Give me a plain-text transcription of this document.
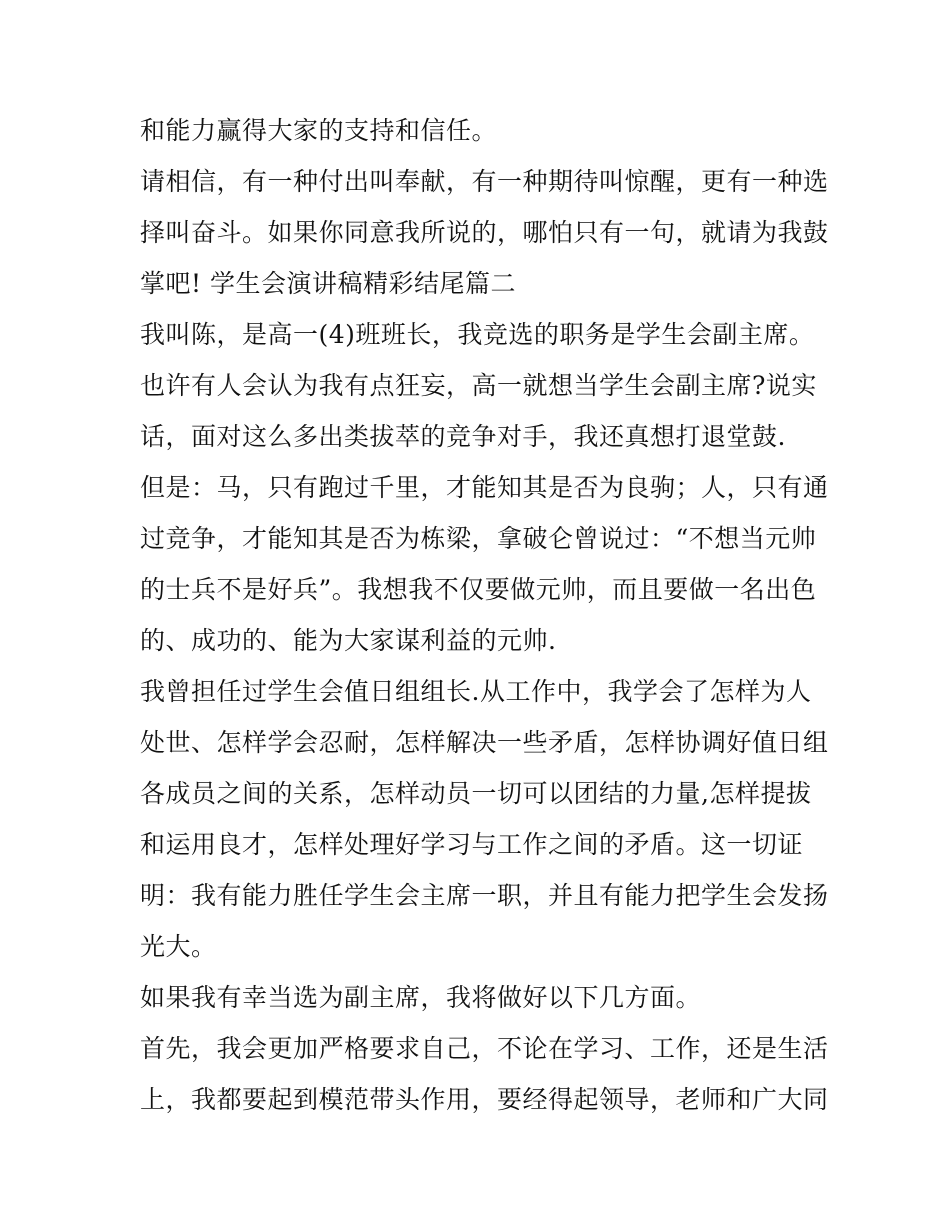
和能力赢得大家的支持和信任。
请相信，有一种付出叫奉献，有一种期待叫惊醒，更有一种选
择叫奋斗。如果你同意我所说的，哪怕只有一句，就请为我鼓
掌吧! 学生会演讲稿精彩结尾篇二
我叫陈，是高一(4)班班长，我竞选的职务是学生会副主席。
也许有人会认为我有点狂妄，高一就想当学生会副主席?说实
话，面对这么多出类拔萃的竞争对手，我还真想打退堂鼓.
但是：马，只有跑过千里，才能知其是否为良驹；人，只有通
过竞争，才能知其是否为栋梁，拿破仑曾说过：“不想当元帅
的士兵不是好兵”。我想我不仅要做元帅，而且要做一名出色
的、成功的、能为大家谋利益的元帅.
我曾担任过学生会值日组组长.从工作中，我学会了怎样为人
处世、怎样学会忍耐，怎样解决一些矛盾，怎样协调好值日组
各成员之间的关系，怎样动员一切可以团结的力量,怎样提拔
和运用良才，怎样处理好学习与工作之间的矛盾。这一切证
明：我有能力胜任学生会主席一职，并且有能力把学生会发扬
光大。
如果我有幸当选为副主席，我将做好以下几方面。
首先，我会更加严格要求自己，不论在学习、工作，还是生活
上，我都要起到模范带头作用，要经得起领导，老师和广大同
